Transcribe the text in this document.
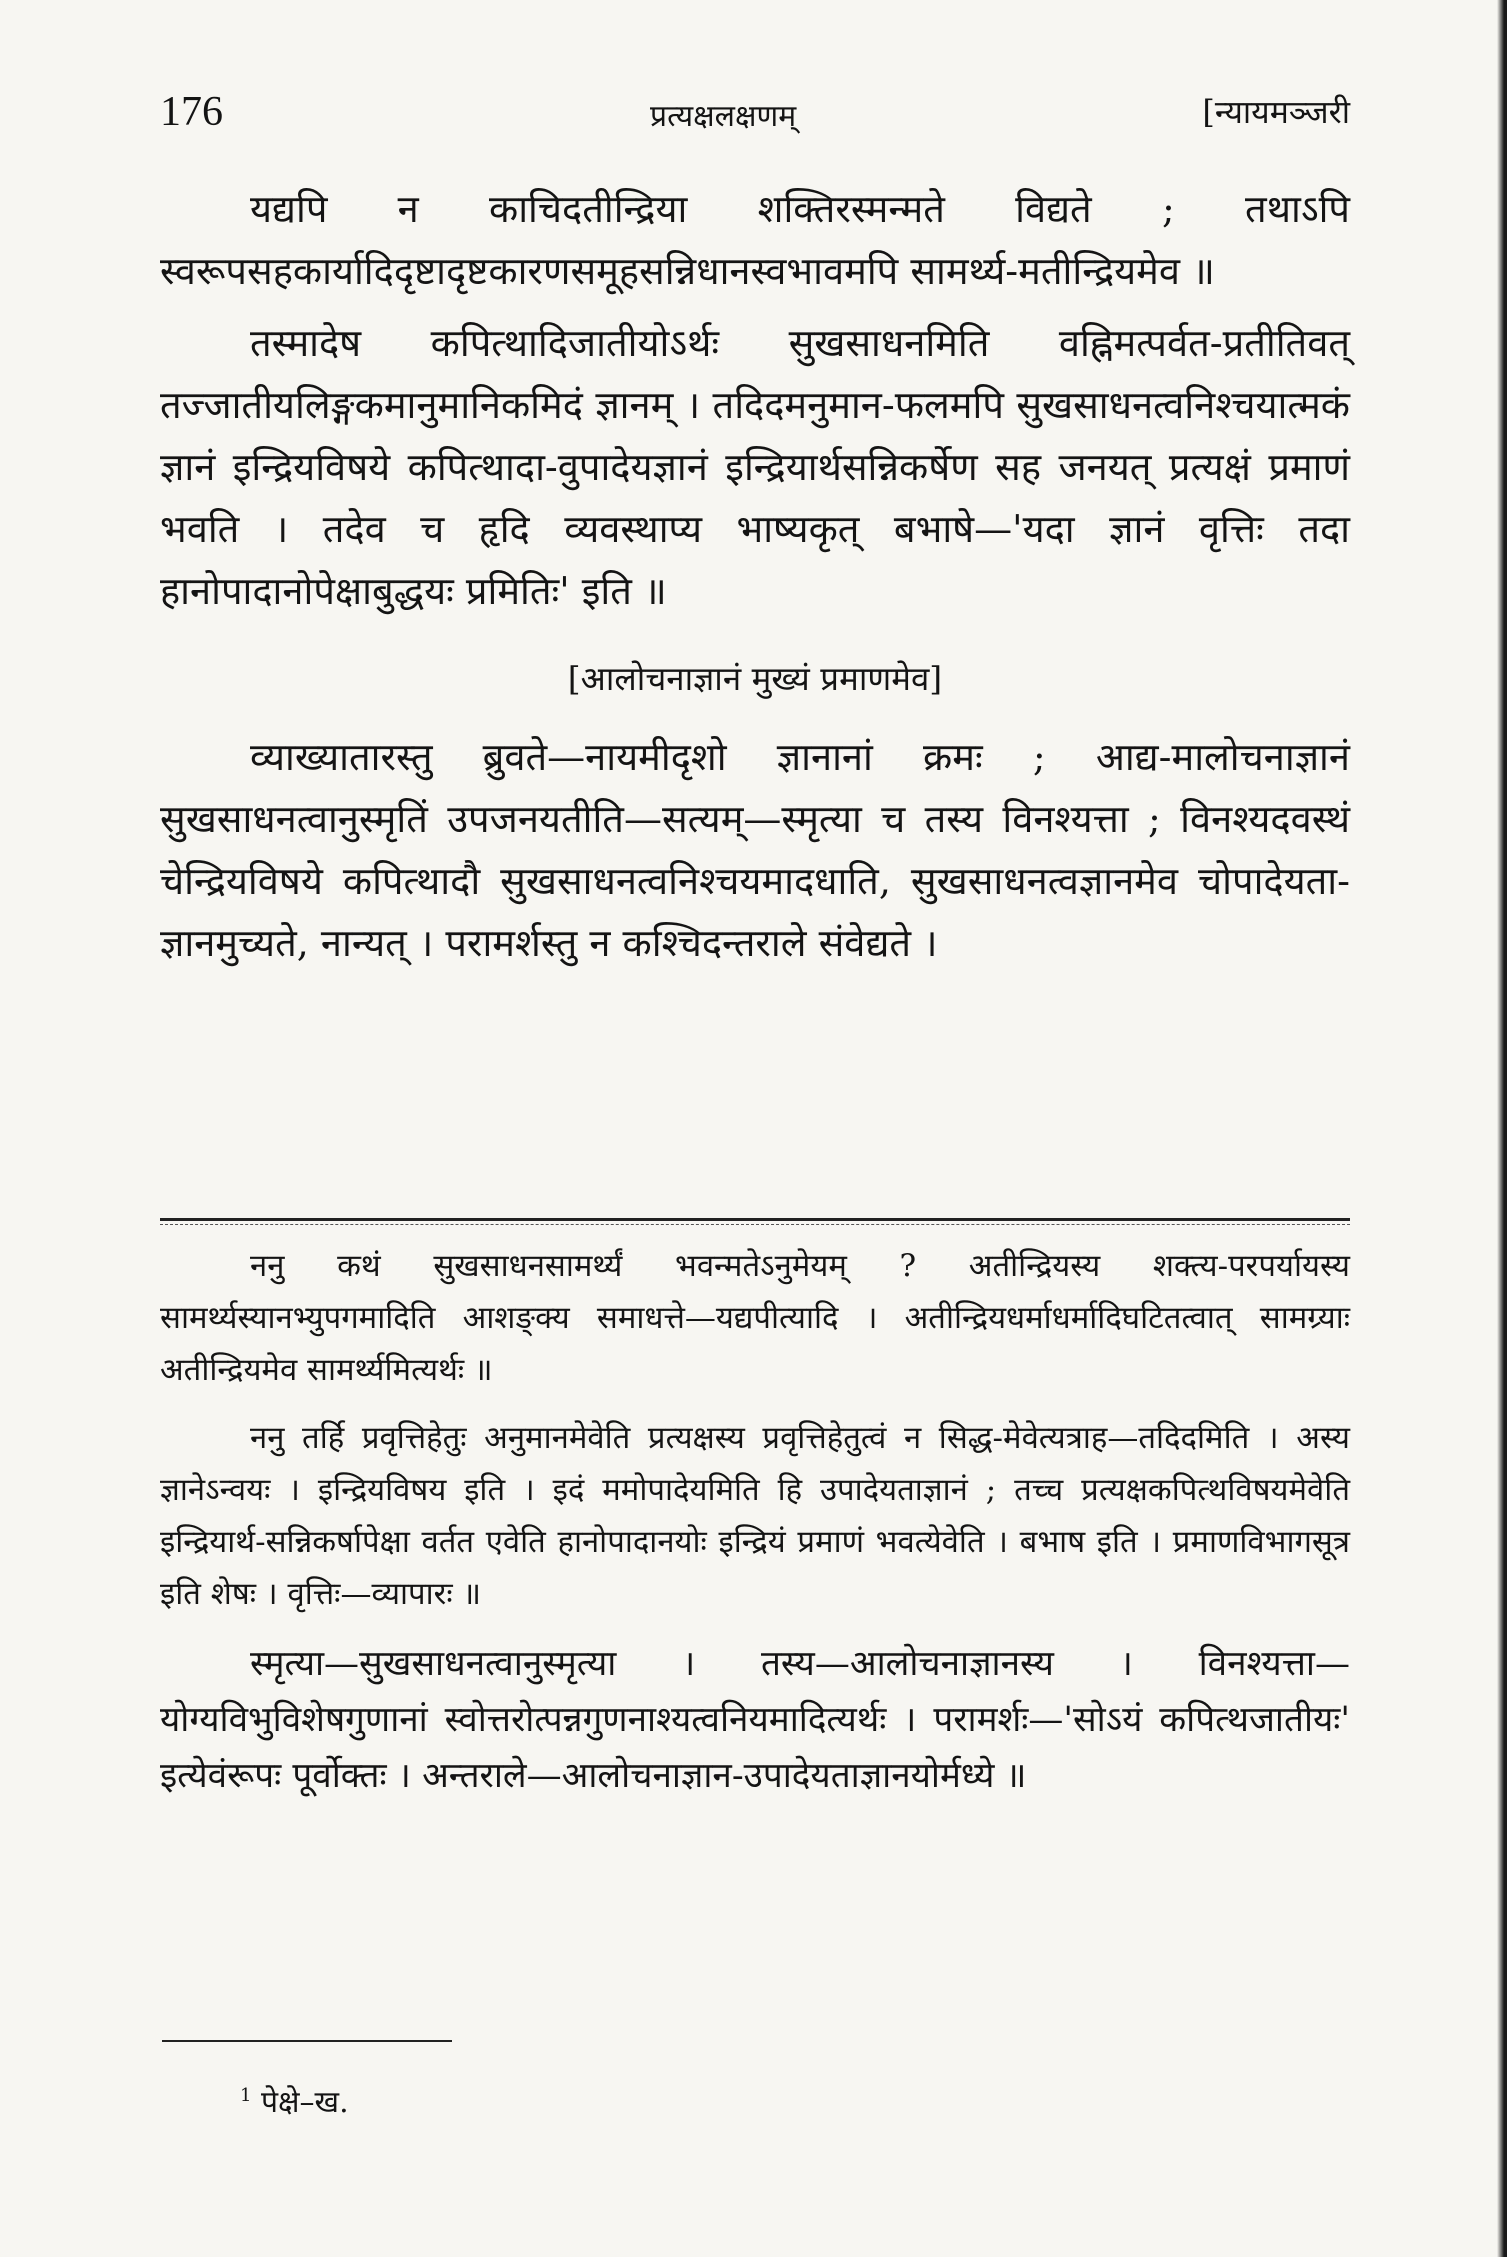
176	प्रत्यक्षलक्षणम्	[न्यायमञ्जरी

यद्यपि न काचिदतीन्द्रिया शक्तिरस्मन्मते विद्यते ; तथाऽपि स्वरूपसहकार्यादिदृष्टादृष्टकारणसमूहसन्निधानस्वभावमपि सामर्थ्य-मतीन्द्रियमेव ॥

तस्मादेष कपित्थादिजातीयोऽर्थः सुखसाधनमिति वह्निमत्पर्वत-प्रतीतिवत् तज्जातीयलिङ्गकमानुमानिकमिदं ज्ञानम् । तदिदमनुमान-फलमपि सुखसाधनत्वनिश्चयात्मकं ज्ञानं इन्द्रियविषये कपित्थादा-वुपादेयज्ञानं इन्द्रियार्थसन्निकर्षेण सह जनयत् प्रत्यक्षं प्रमाणं भवति । तदेव च हृदि व्यवस्थाप्य भाष्यकृत् बभाषे—'यदा ज्ञानं वृत्तिः तदा हानोपादानोपेक्षाबुद्धयः प्रमितिः' इति ॥

[आलोचनाज्ञानं मुख्यं प्रमाणमेव]

व्याख्यातारस्तु ब्रुवते—नायमीदृशो ज्ञानानां क्रमः ; आद्य-मालोचनाज्ञानं सुखसाधनत्वानुस्मृतिं उपजनयतीति—सत्यम्—स्मृत्या च तस्य विनश्यत्ता ; विनश्यदवस्थं चेन्द्रियविषये कपित्थादौ सुखसाधनत्वनिश्चयमादधाति, सुखसाधनत्वज्ञानमेव चोपादेयता-ज्ञानमुच्यते, नान्यत् । परामर्शस्तु न कश्चिदन्तराले संवेद्यते ।

ननु कथं सुखसाधनसामर्थ्यं भवन्मतेऽनुमेयम् ? अतीन्द्रियस्य शक्त्य-परपर्यायस्य सामर्थ्यस्यानभ्युपगमादिति आशङ्क्य समाधत्ते—यद्यपीत्यादि । अतीन्द्रियधर्माधर्मादिघटितत्वात् सामग्र्याः अतीन्द्रियमेव सामर्थ्यमित्यर्थः ॥

ननु तर्हि प्रवृत्तिहेतुः अनुमानमेवेति प्रत्यक्षस्य प्रवृत्तिहेतुत्वं न सिद्ध-मेवेत्यत्राह—तदिदमिति । अस्य ज्ञानेऽन्वयः । इन्द्रियविषय इति । इदं ममोपादेयमिति हि उपादेयताज्ञानं ; तच्च प्रत्यक्षकपित्थविषयमेवेति इन्द्रियार्थ-सन्निकर्षापेक्षा वर्तत एवेति हानोपादानयोः इन्द्रियं प्रमाणं भवत्येवेति । बभाष इति । प्रमाणविभागसूत्र इति शेषः । वृत्तिः—व्यापारः ॥

स्मृत्या—सुखसाधनत्वानुस्मृत्या । तस्य—आलोचनाज्ञानस्य । विनश्यत्ता—योग्यविभुविशेषगुणानां स्वोत्तरोत्पन्नगुणनाश्यत्वनियमादित्यर्थः । परामर्शः—'सोऽयं कपित्थजातीयः' इत्येवंरूपः पूर्वोक्तः । अन्तराले—आलोचनाज्ञान-उपादेयताज्ञानयोर्मध्ये ॥

$^1$ पेक्षे–ख.
